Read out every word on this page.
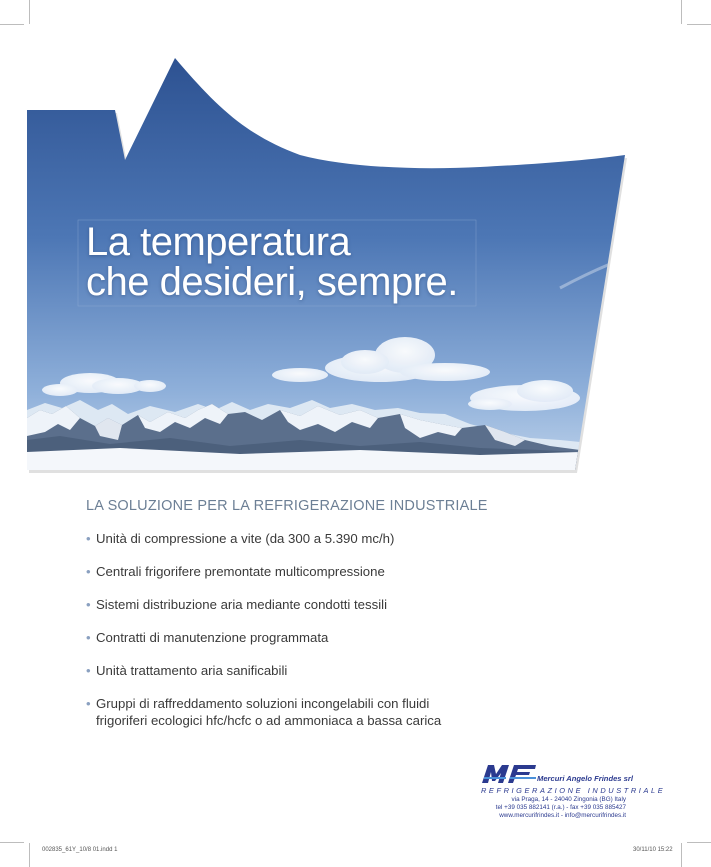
La temperatura
che desideri, sempre.
LA SOLUZIONE PER LA REFRIGERAZIONE INDUSTRIALE
• Unità di compressione a vite (da 300 a 5.390 mc/h)
• Centrali frigorifere premontate multicompressione
• Sistemi distribuzione aria mediante condotti tessili
• Contratti di manutenzione programmata
• Unità trattamento aria sanificabili
• Gruppi di raffreddamento soluzioni incongelabili con fluidi
frigoriferi ecologici hfc/hcfc o ad ammoniaca a bassa carica
Mercuri Angelo Frindes srl
REFRIGERAZIONE INDUSTRIALE
via Praga, 14 - 24040 Zingonia (BG) Italy
tel +39 035 882141 (r.a.) - fax +39 035 885427
www.mercurifrindes.it - info@mercurifrindes.it
002835_61Y_10/8 01.indd 1	30/11/10 15:22
